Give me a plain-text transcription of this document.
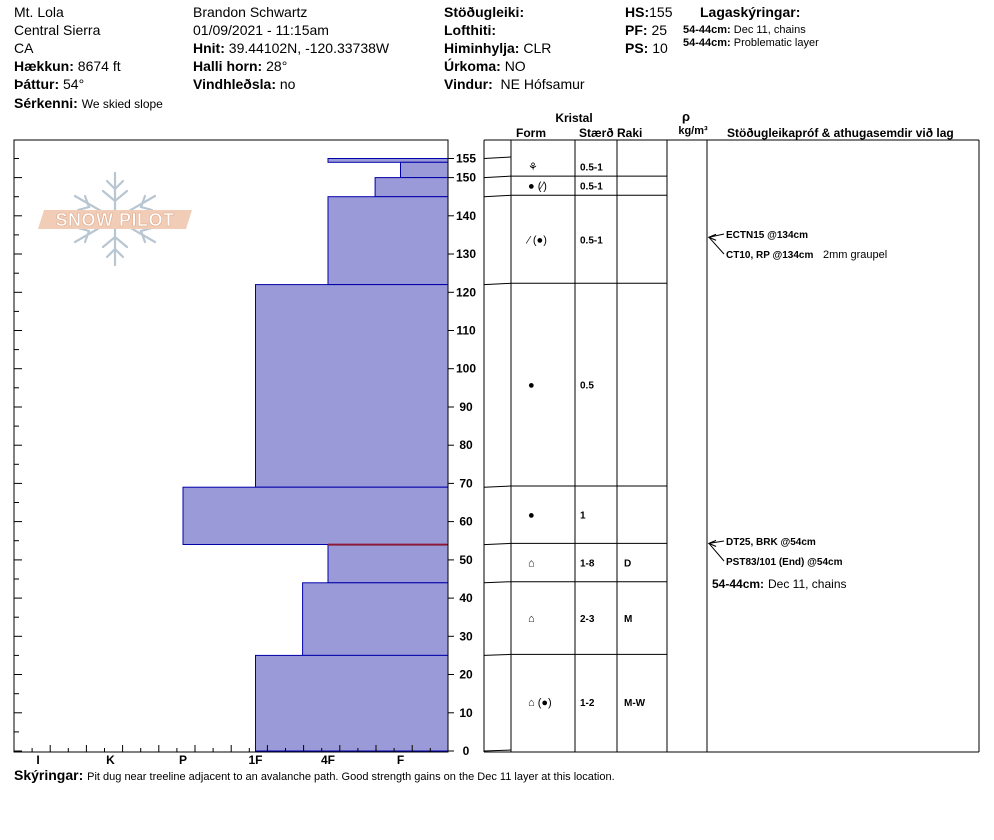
Mt. Lola
Central Sierra
CA
Hækkun: 8674 ft
Þáttur: 54°
Sérkenni: We skied slope
Brandon Schwartz
01/09/2021 - 11:15am
Hnit: 39.44102N, -120.33738W
Halli horn: 28°
Vindhleðsla: no
Stöðugleiki:
Lofthiti:
Himinhylja: CLR
Úrkoma: NO
Vindur: NE Hófsamur
HS:155
PF: 25
PS: 10
Lagaskýringar:
54-44cm: Dec 11, chains
54-44cm: Problematic layer
SNOW PILOT
I	K	P	1F	4F	F
0
10
20
30
40
50
60
70
80
90
100
110
120
130
140
150
155
⚘	0.5-1
● (⁄)	0.5-1
⁄ (●)	0.5-1
●	0.5
●	1
⌂	1-8	D
⌂	2-3	M
⌂ (●)	1-2	M-W
ECTN15 @134cm
CT10, RP @134cm 2mm graupel
DT25, BRK @54cm
PST83/101 (End) @54cm
54-44cm: Dec 11, chains
Kristal
Form	Stærð Raki
ρ
kg/m³ Stöðugleikapróf & athugasemdir við lag
Skýringar: Pit dug near treeline adjacent to an avalanche path. Good strength gains on the Dec 11 layer at this location.
